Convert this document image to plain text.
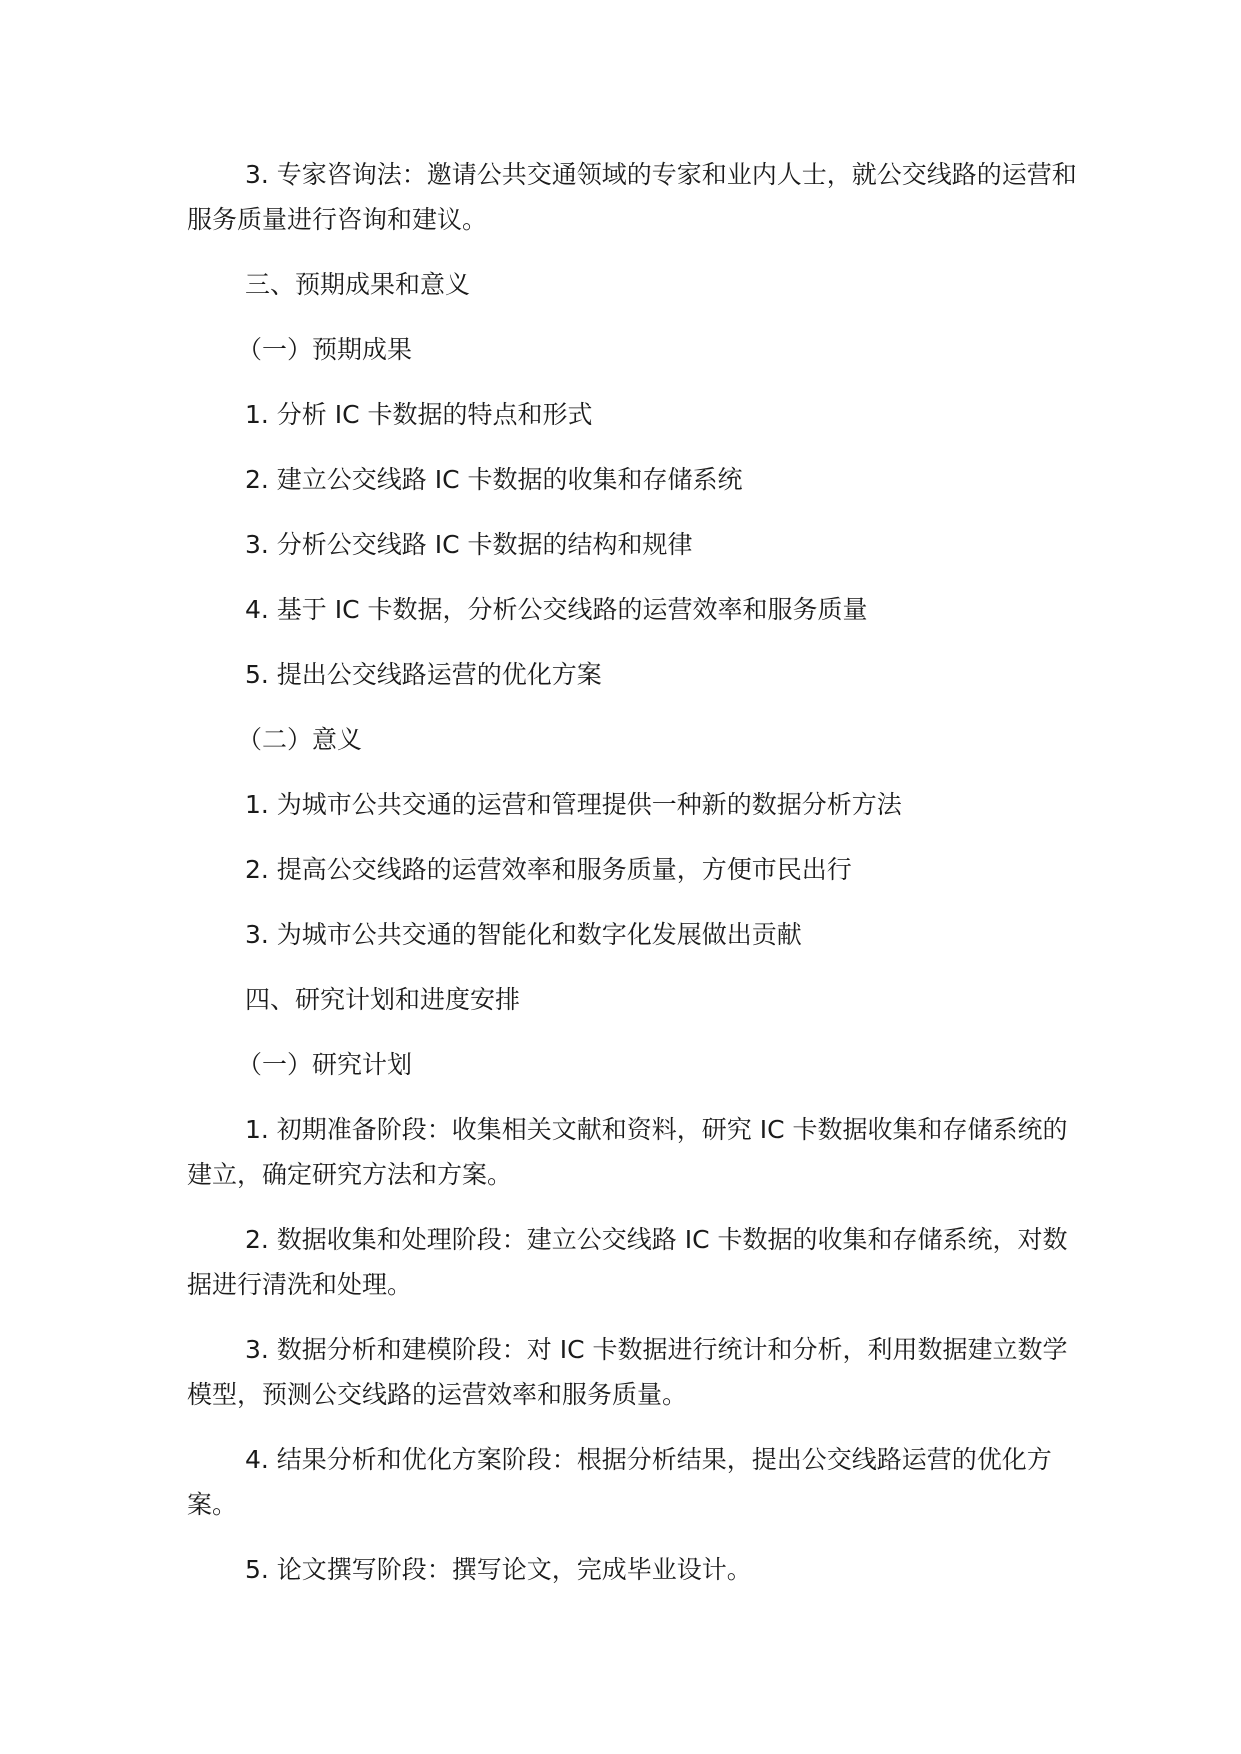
3. 专家咨询法：邀请公共交通领域的专家和业内人士，就公交线路的运营和服务质量进行咨询和建议。

三、预期成果和意义

（一）预期成果

1. 分析 IC 卡数据的特点和形式

2. 建立公交线路 IC 卡数据的收集和存储系统

3. 分析公交线路 IC 卡数据的结构和规律

4. 基于 IC 卡数据，分析公交线路的运营效率和服务质量

5. 提出公交线路运营的优化方案

（二）意义

1. 为城市公共交通的运营和管理提供一种新的数据分析方法

2. 提高公交线路的运营效率和服务质量，方便市民出行

3. 为城市公共交通的智能化和数字化发展做出贡献

四、研究计划和进度安排

（一）研究计划

1. 初期准备阶段：收集相关文献和资料，研究 IC 卡数据收集和存储系统的建立，确定研究方法和方案。

2. 数据收集和处理阶段：建立公交线路 IC 卡数据的收集和存储系统，对数据进行清洗和处理。

3. 数据分析和建模阶段：对 IC 卡数据进行统计和分析，利用数据建立数学模型，预测公交线路的运营效率和服务质量。

4. 结果分析和优化方案阶段：根据分析结果，提出公交线路运营的优化方案。

5. 论文撰写阶段：撰写论文，完成毕业设计。
